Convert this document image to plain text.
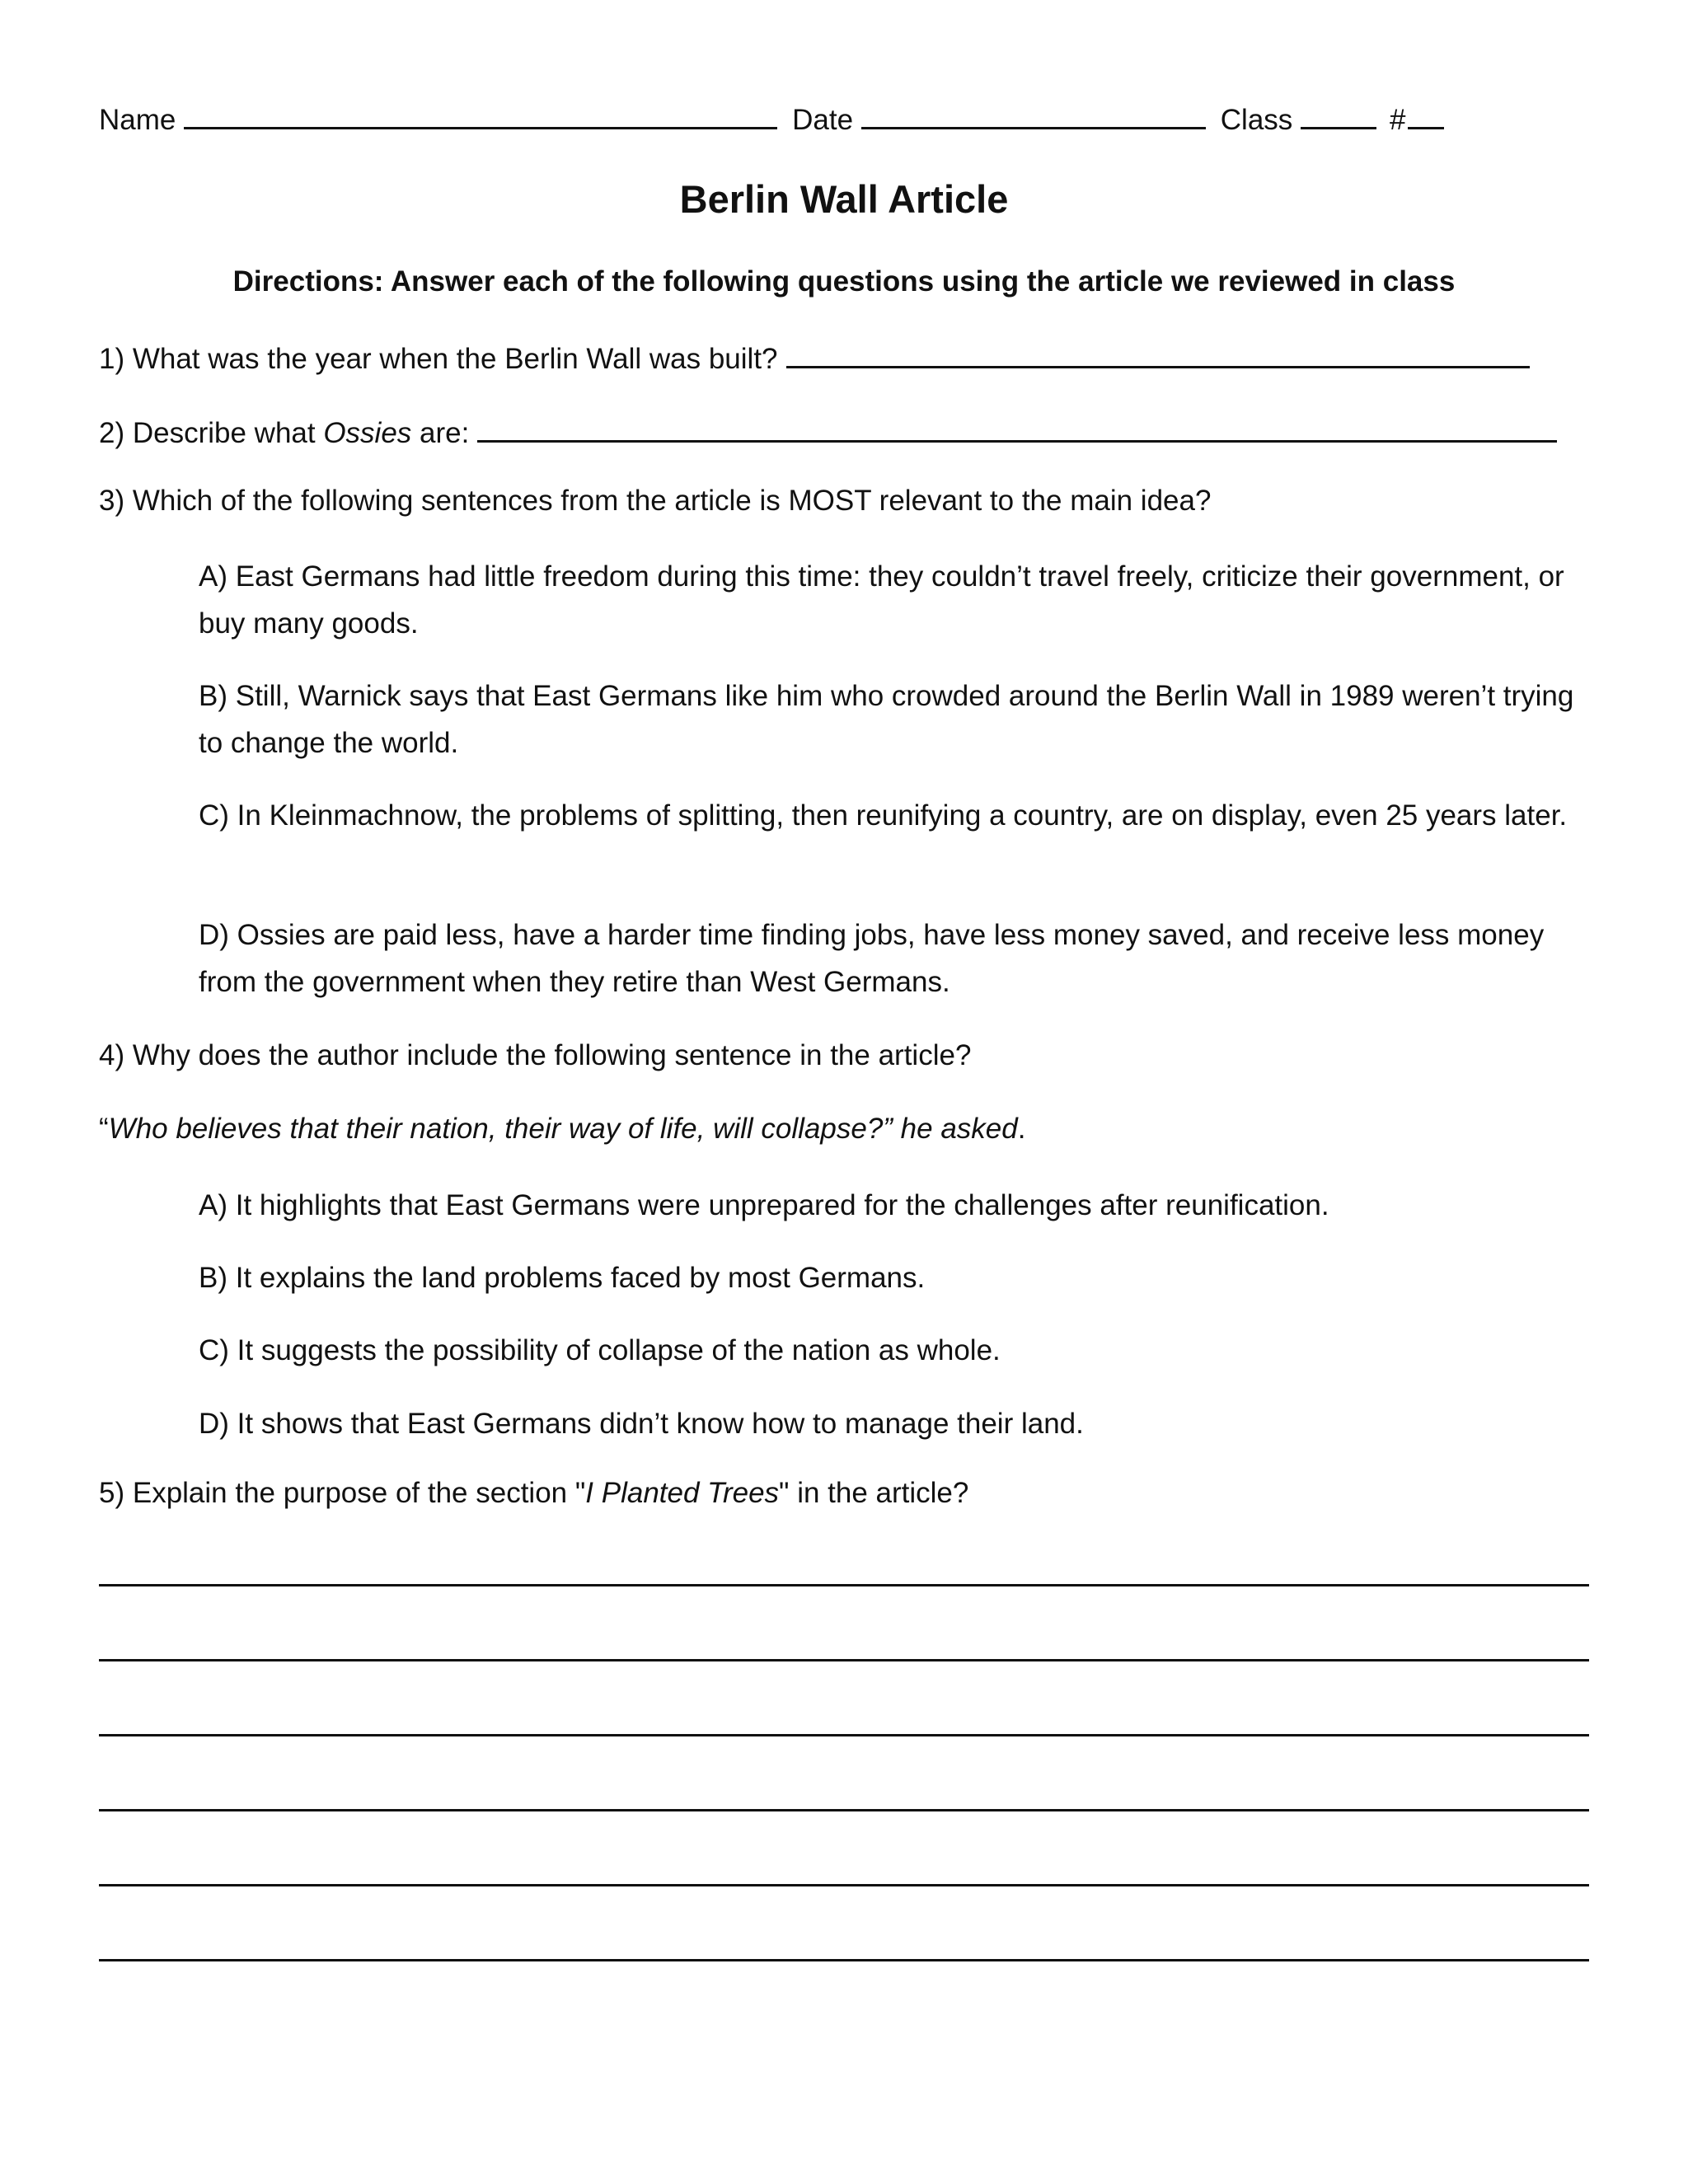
Name	Date	Class	#
Berlin Wall Article
Directions: Answer each of the following questions using the article we reviewed in class
1) What was the year when the Berlin Wall was built?
2) Describe what Ossies are:
3) Which of the following sentences from the article is MOST relevant to the main idea?
A) East Germans had little freedom during this time: they couldn’t travel freely, criticize their government, or buy many goods.
B) Still, Warnick says that East Germans like him who crowded around the Berlin Wall in 1989 weren’t trying to change the world.
C) In Kleinmachnow, the problems of splitting, then reunifying a country, are on display, even 25 years later.
D) Ossies are paid less, have a harder time finding jobs, have less money saved, and receive less money from the government when they retire than West Germans.
4) Why does the author include the following sentence in the article?
“Who believes that their nation, their way of life, will collapse?” he asked.
A) It highlights that East Germans were unprepared for the challenges after reunification.
B) It explains the land problems faced by most Germans.
C) It suggests the possibility of collapse of the nation as whole.
D) It shows that East Germans didn’t know how to manage their land.
5) Explain the purpose of the section "I Planted Trees" in the article?
